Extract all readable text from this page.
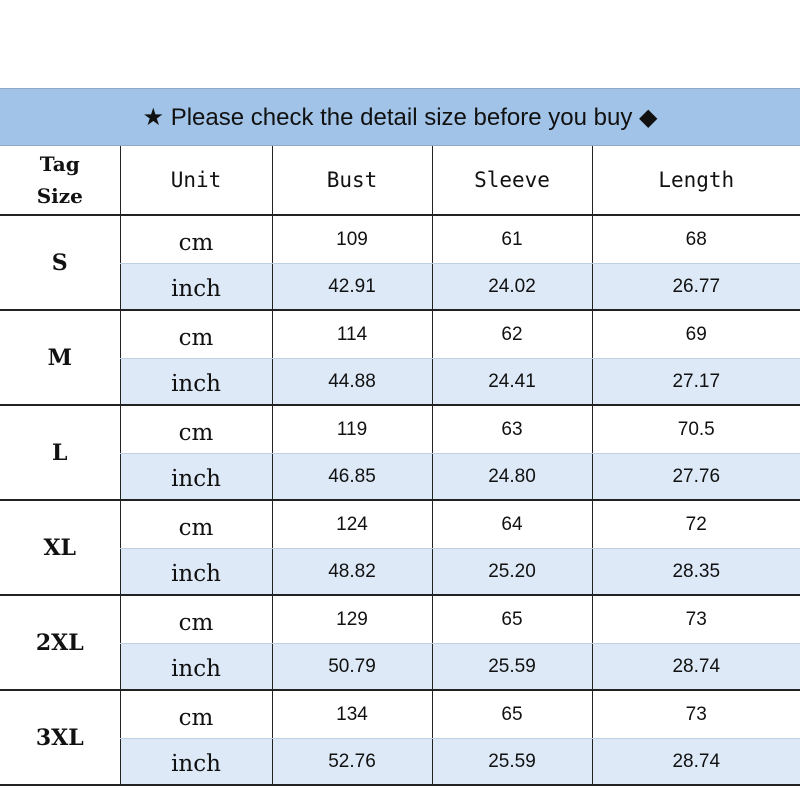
★ Please check the detail size before you buy ◆
Tag
Size	Unit	Bust	Sleeve	Length
S	cm	109	61	68
	inch	42.91	24.02	26.77
M	cm	114	62	69
	inch	44.88	24.41	27.17
L	cm	119	63	70.5
	inch	46.85	24.80	27.76
XL	cm	124	64	72
	inch	48.82	25.20	28.35
2XL	cm	129	65	73
	inch	50.79	25.59	28.74
3XL	cm	134	65	73
	inch	52.76	25.59	28.74
